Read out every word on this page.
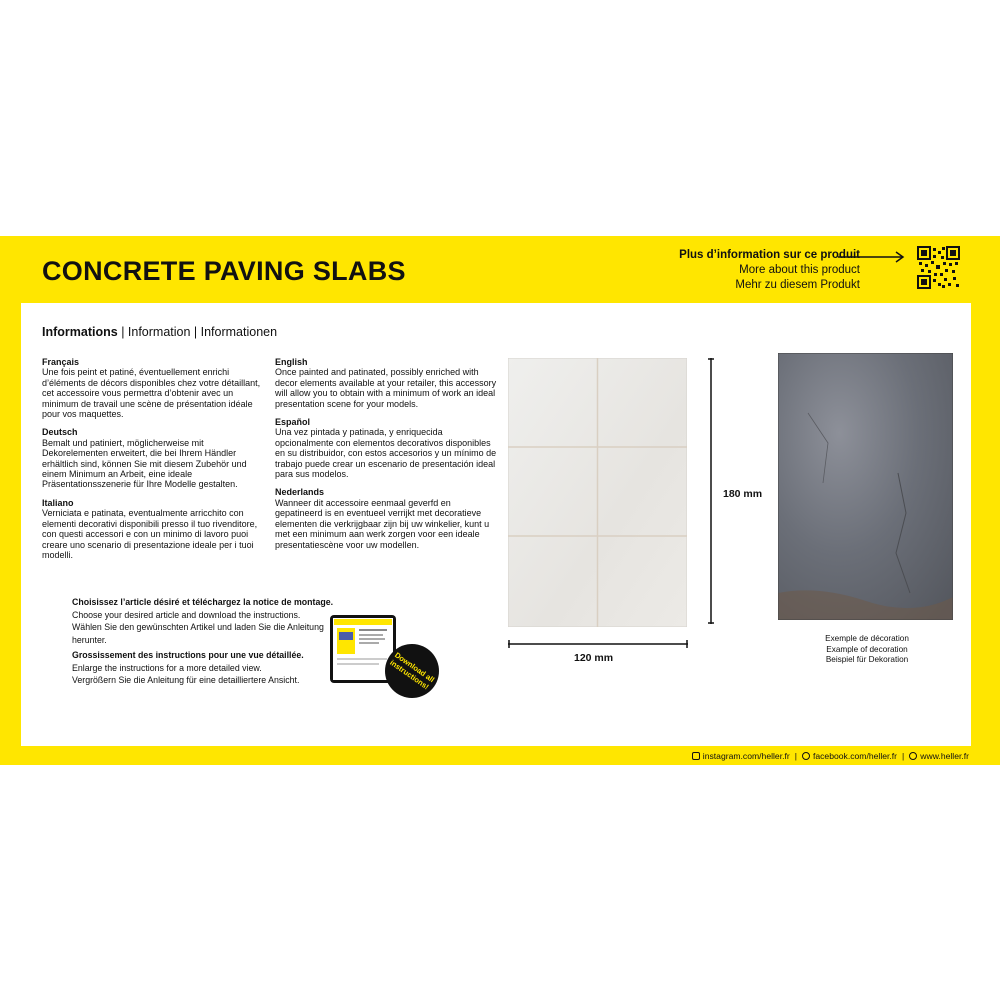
CONCRETE PAVING SLABS
Plus d’information sur ce produit
More about this product
Mehr zu diesem Produkt
Informations | Information | Informationen
Français
Une fois peint et patiné, éventuellement enrichi d’éléments de décors disponibles chez votre détaillant, cet accessoire vous permettra d’obtenir avec un minimum de travail une scène de présentation idéale pour vos maquettes.
Deutsch
Bemalt und patiniert, möglicherweise mit Dekorelementen erweitert, die bei Ihrem Händler erhältlich sind, können Sie mit diesem Zubehör und einem Minimum an Arbeit, eine ideale Präsentationsszenerie für Ihre Modelle gestalten.
Italiano
Verniciata e patinata, eventualmente arricchito con elementi decorativi disponibili presso il tuo rivenditore, con questi accessori e con un minimo di lavoro puoi creare uno scenario di presentazione ideale per i tuoi modelli.
English
Once painted and patinated, possibly enriched with decor elements available at your retailer, this accessory will allow you to obtain with a minimum of work an ideal presentation scene for your models.
Español
Una vez pintada y patinada, y enriquecida opcionalmente con elementos decorativos disponibles en su distribuidor, con estos accesorios y un mínimo de trabajo puede crear un escenario de presentación ideal para sus modelos.
Nederlands
Wanneer dit accessoire eenmaal geverfd en gepatineerd is en eventueel verrijkt met decoratieve elementen die verkrijgbaar zijn bij uw winkelier, kunt u met een minimum aan werk zorgen voor een ideale presentatiescène voor uw modellen.
Choisissez l’article désiré et téléchargez la notice de montage.
Choose your desired article and download the instructions.
Wählen Sie den gewünschten Artikel und laden Sie die Anleitung herunter.
Grossissement des instructions pour une vue détaillée.
Enlarge the instructions for a more detailed view.
Vergrößern Sie die Anleitung für eine detailliertere Ansicht.	Download all instructions!
180 mm
120 mm
Exemple de décoration
Example of decoration
Beispiel für Dekoration
instagram.com/heller.fr | facebook.com/heller.fr | www.heller.fr
